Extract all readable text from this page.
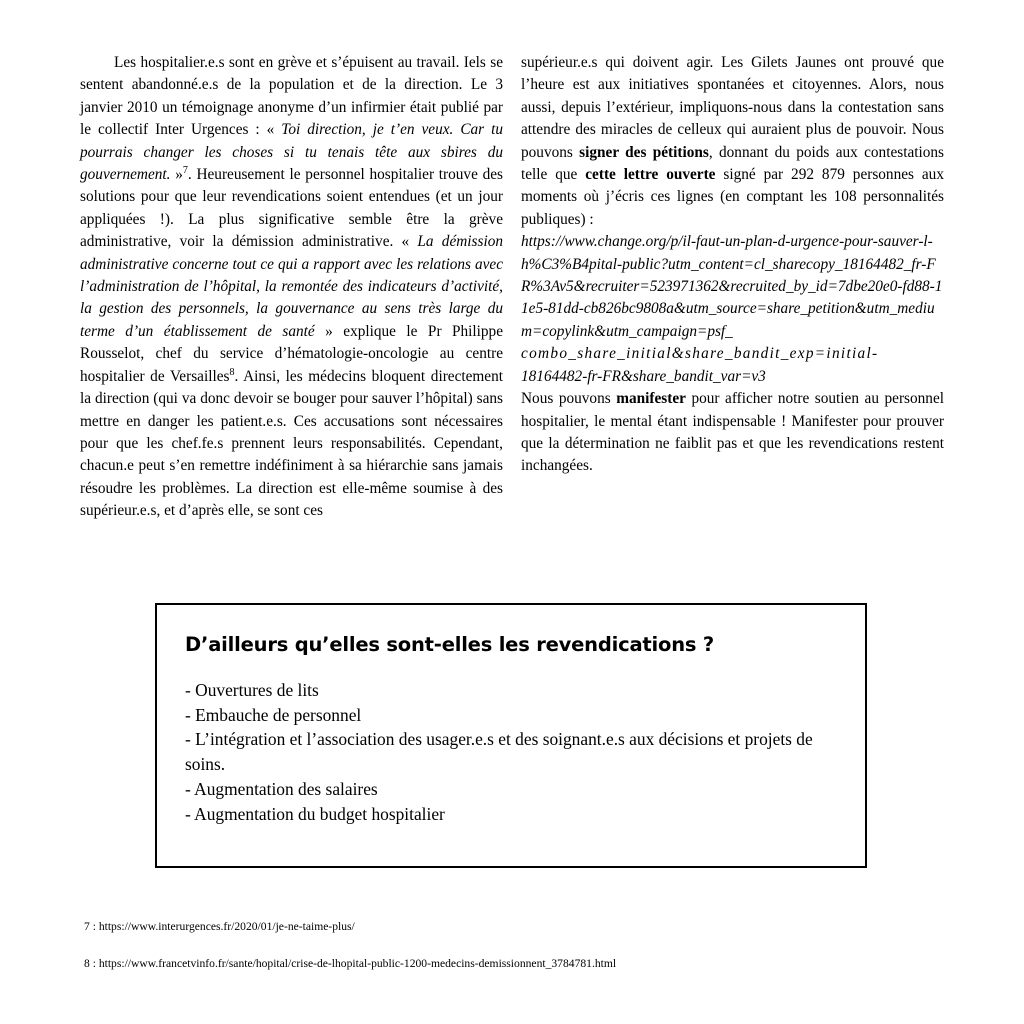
Les hospitalier.e.s sont en grève et s’épuisent au travail. Iels se sentent abandonné.e.s de la population et de la direction. Le 3 janvier 2010 un témoignage anonyme d’un infirmier était publié par le collectif Inter Urgences : « Toi direction, je t’en veux. Car tu pourrais changer les choses si tu tenais tête aux sbires du gouvernement. »$^7$. Heureusement le personnel hospitalier trouve des solutions pour que leur revendications soient entendues (et un jour appliquées !). La plus significative semble être la grève administrative, voir la démission administrative. « La démission administrative concerne tout ce qui a rapport avec les relations avec l’administration de l’hôpital, la remontée des indicateurs d’activité, la gestion des personnels, la gouvernance au sens très large du terme d’un établissement de santé » explique le Pr Philippe Rousselot, chef du service d’hématologie-oncologie au centre hospitalier de Versailles$^8$. Ainsi, les médecins bloquent directement la direction (qui va donc devoir se bouger pour sauver l’hôpital) sans mettre en danger les patient.e.s. Ces accusations sont nécessaires pour que les chef.fe.s prennent leurs responsabilités. Cependant, chacun.e peut s’en remettre indéfiniment à sa hiérarchie sans jamais résoudre les problèmes. La direction est elle-même soumise à des supérieur.e.s, et d’après elle, se sont ces

supérieur.e.s qui doivent agir. Les Gilets Jaunes ont prouvé que l’heure est aux initiatives spontanées et citoyennes. Alors, nous aussi, depuis l’extérieur, impliquons-nous dans la contestation sans attendre des miracles de celleux qui auraient plus de pouvoir. Nous pouvons signer des pétitions, donnant du poids aux contestations telle que cette lettre ouverte signé par 292 879 personnes aux moments où j’écris ces lignes (en comptant les 108 personnalités publiques) :

https://www.change.org/p/il-faut-un-plan-d-urgence-pour-sauver-l-h%C3%B4pital-public?utm_content=cl_sharecopy_18164482_fr-FR%3Av5&recruiter=523971362&recruited_by_id=7dbe20e0-fd88-11e5-81dd-cb826bc9808a&utm_source=share_petition&utm_medium=copylink&utm_campaign=psf_
combo_share_initial&share_bandit_exp=initial-
18164482-fr-FR&share_bandit_var=v3

Nous pouvons manifester pour afficher notre soutien au personnel hospitalier, le mental étant indispensable ! Manifester pour prouver que la détermination ne faiblit pas et que les revendications restent inchangées.

D’ailleurs qu’elles sont-elles les revendications ?
- Ouvertures de lits
- Embauche de personnel
- L’intégration et l’association des usager.e.s et des soignant.e.s aux décisions et projets de soins.
- Augmentation des salaires
- Augmentation du budget hospitalier
7 : https://www.interurgences.fr/2020/01/je-ne-taime-plus/
8 : https://www.francetvinfo.fr/sante/hopital/crise-de-lhopital-public-1200-medecins-demissionnent_3784781.html
